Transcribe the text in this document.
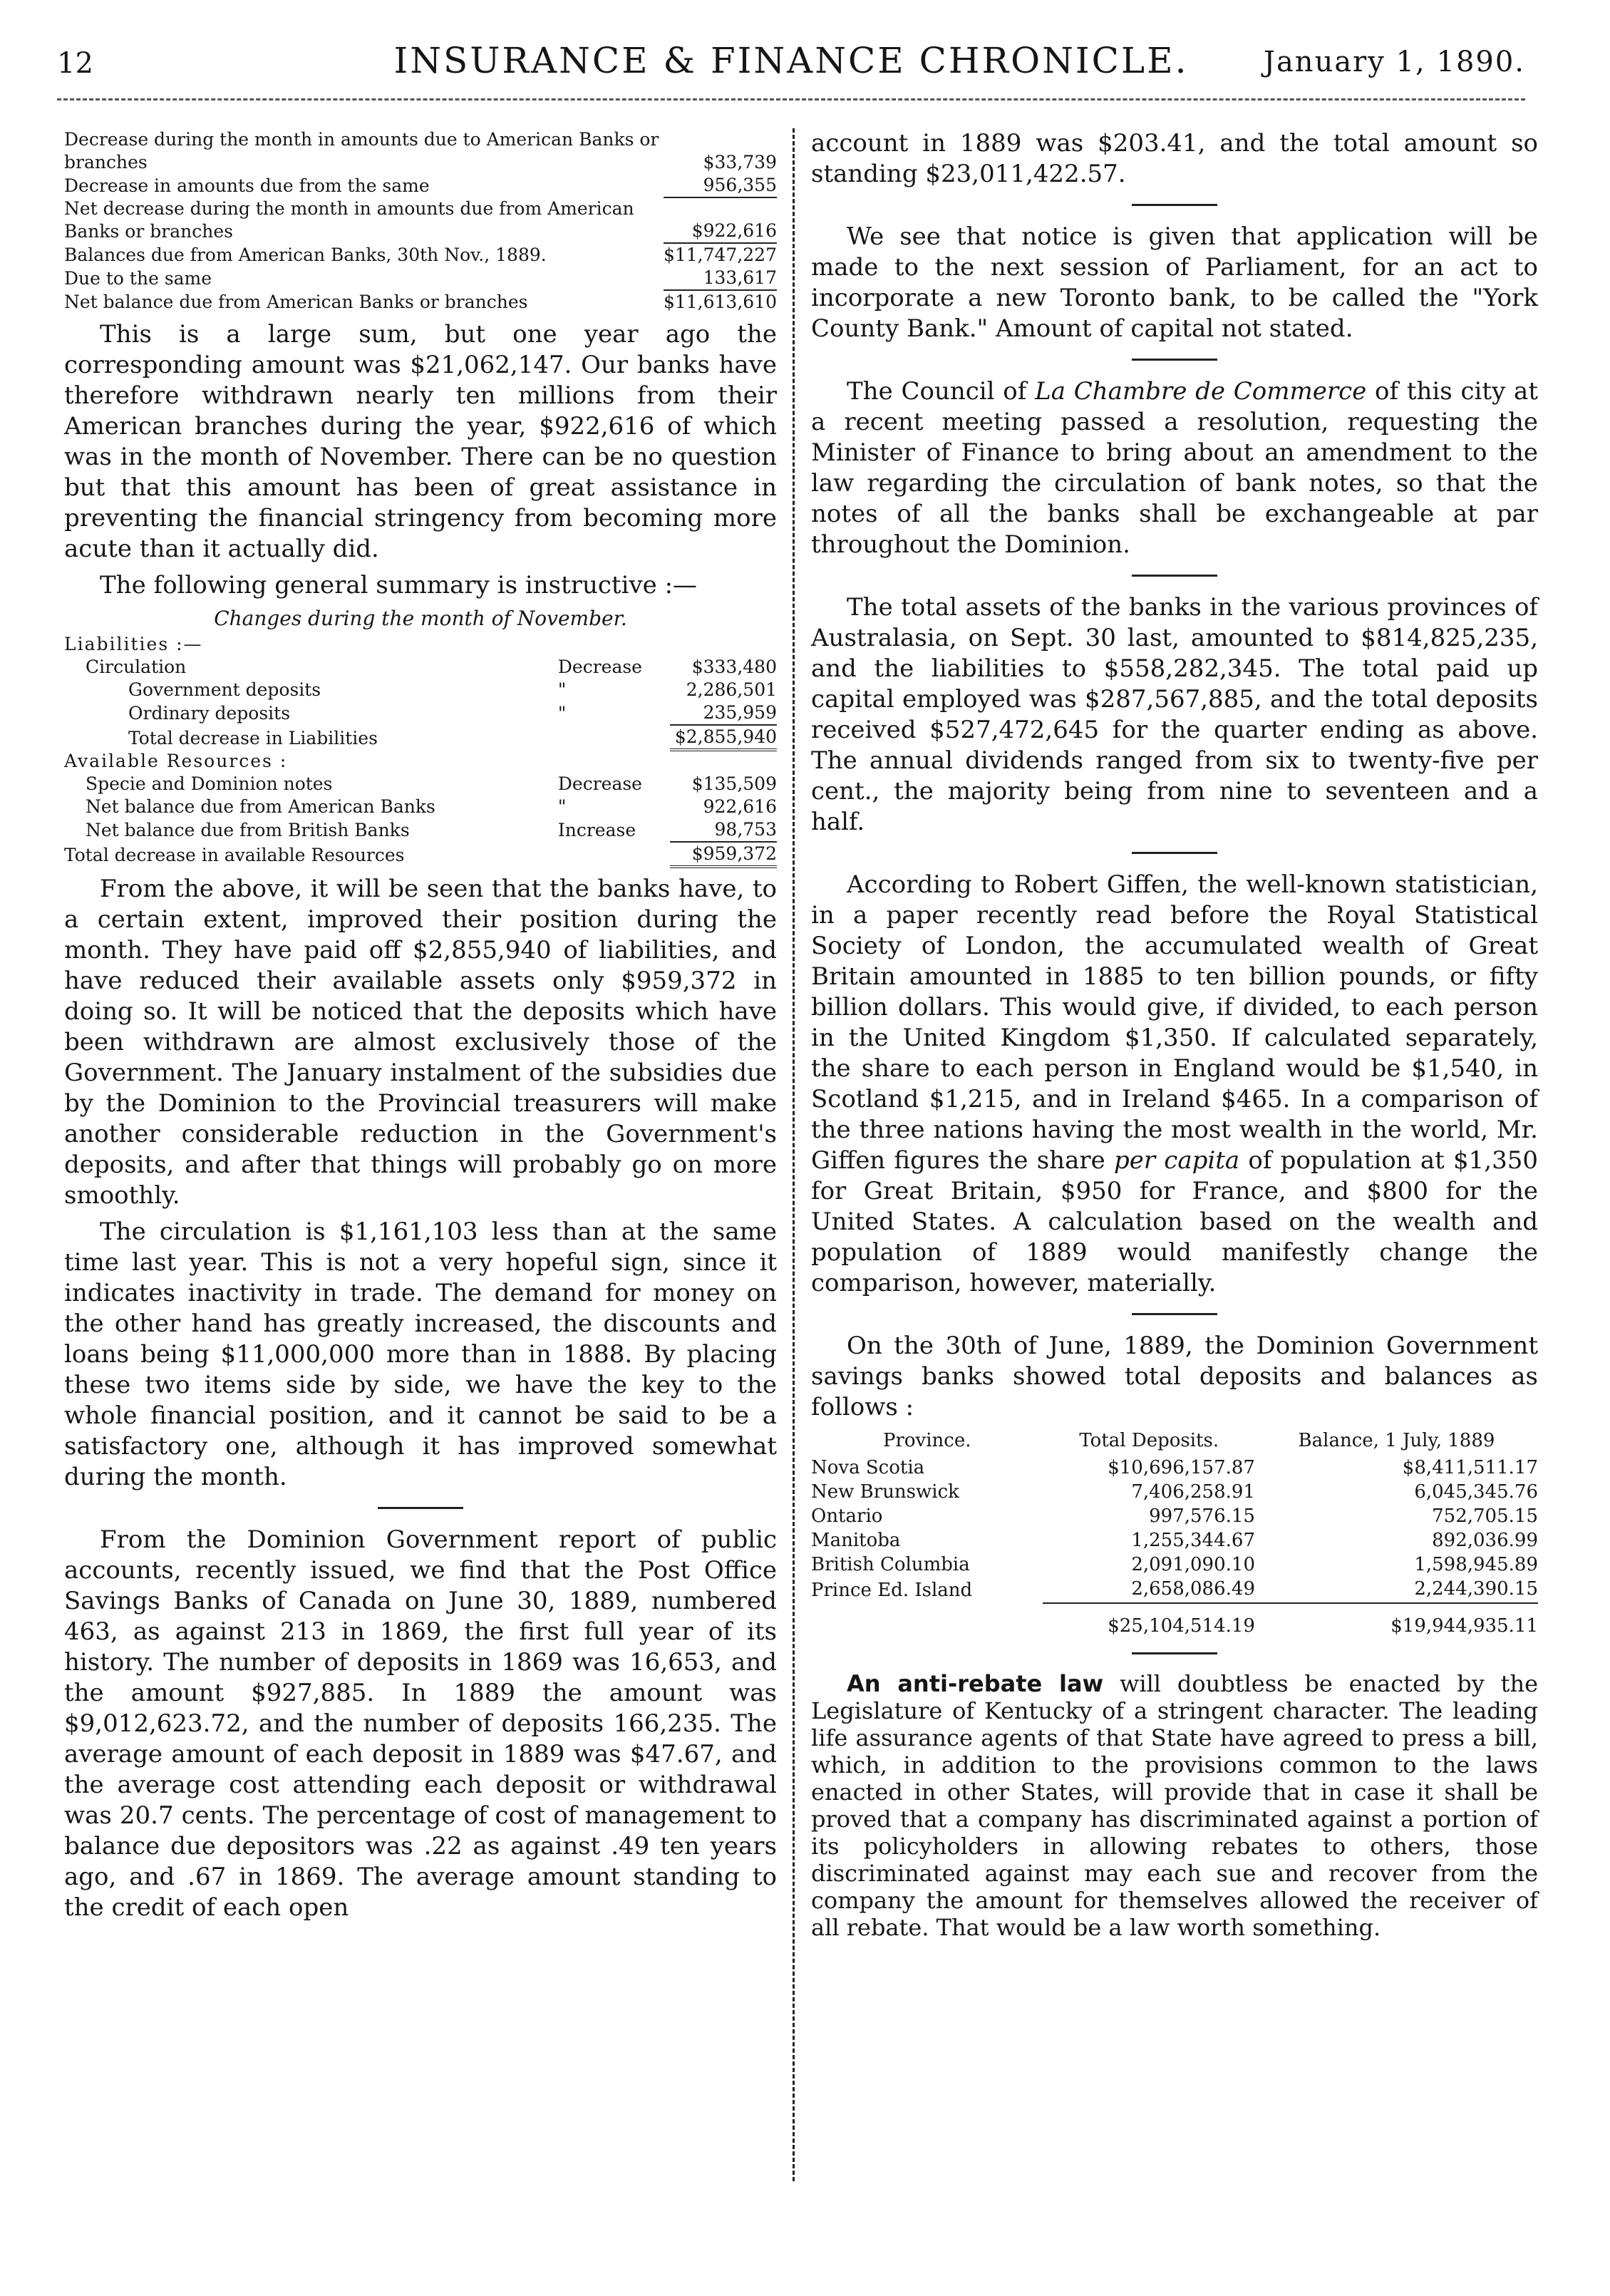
12	INSURANCE & FINANCE CHRONICLE.	January 1, 1890.
Decrease during the month in amounts due to American Banks or branches	$33,739
Decrease in amounts due from the same	956,355
Net decrease during the month in amounts due from American Banks or branches	$922,616
Balances due from American Banks, 30th Nov., 1889.	$11,747,227
Due to the same	133,617
Net balance due from American Banks or branches	$11,613,610

This is a large sum, but one year ago the corresponding amount was $21,062,147. Our banks have therefore withdrawn nearly ten millions from their American branches during the year, $922,616 of which was in the month of November. There can be no question but that this amount has been of great assistance in preventing the financial stringency from becoming more acute than it actually did.

The following general summary is instructive :—

Changes during the month of November.
Liabilities :—		
Circulation	Decrease	$333,480
Government deposits	"	2,286,501
Ordinary deposits	"	235,959
Total decrease in Liabilities		$2,855,940
Available Resources :		
Specie and Dominion notes	Decrease	$135,509
Net balance due from American Banks	"	922,616
Net balance due from British Banks	Increase	98,753
Total decrease in available Resources		$959,372

From the above, it will be seen that the banks have, to a certain extent, improved their position during the month. They have paid off $2,855,940 of liabilities, and have reduced their available assets only $959,372 in doing so. It will be noticed that the deposits which have been withdrawn are almost exclusively those of the Government. The January instalment of the subsidies due by the Dominion to the Provincial treasurers will make another considerable reduction in the Government's deposits, and after that things will probably go on more smoothly.

The circulation is $1,161,103 less than at the same time last year. This is not a very hopeful sign, since it indicates inactivity in trade. The demand for money on the other hand has greatly increased, the discounts and loans being $11,000,000 more than in 1888. By placing these two items side by side, we have the key to the whole financial position, and it cannot be said to be a satisfactory one, although it has improved somewhat during the month.

From the Dominion Government report of public accounts, recently issued, we find that the Post Office Savings Banks of Canada on June 30, 1889, numbered 463, as against 213 in 1869, the first full year of its history. The number of deposits in 1869 was 16,653, and the amount $927,885. In 1889 the amount was $9,012,623.72, and the number of deposits 166,235. The average amount of each deposit in 1889 was $47.67, and the average cost attending each deposit or withdrawal was 20.7 cents. The percentage of cost of management to balance due depositors was .22 as against .49 ten years ago, and .67 in 1869. The average amount standing to the credit of each open

account in 1889 was $203.41, and the total amount so standing $23,011,422.57.

We see that notice is given that application will be made to the next session of Parliament, for an act to incorporate a new Toronto bank, to be called the "York County Bank." Amount of capital not stated.

The Council of La Chambre de Commerce of this city at a recent meeting passed a resolution, requesting the Minister of Finance to bring about an amendment to the law regarding the circulation of bank notes, so that the notes of all the banks shall be exchangeable at par throughout the Dominion.

The total assets of the banks in the various provinces of Australasia, on Sept. 30 last, amounted to $814,825,235, and the liabilities to $558,282,345. The total paid up capital employed was $287,567,885, and the total deposits received $527,472,645 for the quarter ending as above. The annual dividends ranged from six to twenty-five per cent., the majority being from nine to seventeen and a half.

According to Robert Giffen, the well-known statistician, in a paper recently read before the Royal Statistical Society of London, the accumulated wealth of Great Britain amounted in 1885 to ten billion pounds, or fifty billion dollars. This would give, if divided, to each person in the United Kingdom $1,350. If calculated separately, the share to each person in England would be $1,540, in Scotland $1,215, and in Ireland $465. In a comparison of the three nations having the most wealth in the world, Mr. Giffen figures the share per capita of population at $1,350 for Great Britain, $950 for France, and $800 for the United States. A calculation based on the wealth and population of 1889 would manifestly change the comparison, however, materially.

On the 30th of June, 1889, the Dominion Government savings banks showed total deposits and balances as follows :

Province.	Total Deposits.	Balance, 1 July, 1889
Nova Scotia	$10,696,157.87	$8,411,511.17
New Brunswick	7,406,258.91	6,045,345.76
Ontario	997,576.15	752,705.15
Manitoba	1,255,344.67	892,036.99
British Columbia	2,091,090.10	1,598,945.89
Prince Ed. Island	2,658,086.49	2,244,390.15
	$25,104,514.19	$19,944,935.11

An anti-rebate law will doubtless be enacted by the Legislature of Kentucky of a stringent character. The leading life assurance agents of that State have agreed to press a bill, which, in addition to the provisions common to the laws enacted in other States, will provide that in case it shall be proved that a company has discriminated against a portion of its policyholders in allowing rebates to others, those discriminated against may each sue and recover from the company the amount for themselves allowed the receiver of all rebate. That would be a law worth something.
